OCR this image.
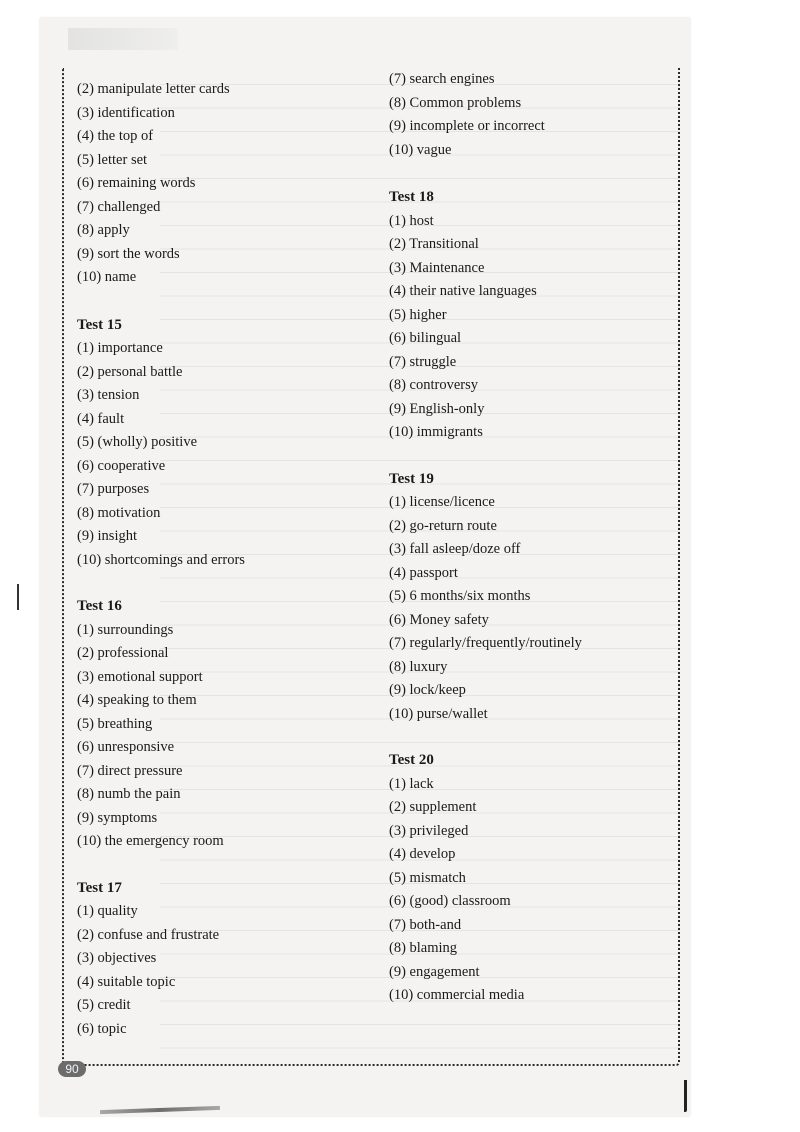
(2) manipulate letter cards
(3) identification
(4) the top of
(5) letter set
(6) remaining words
(7) challenged
(8) apply
(9) sort the words
(10) name
Test 15
(1) importance
(2) personal battle
(3) tension
(4) fault
(5) (wholly) positive
(6) cooperative
(7) purposes
(8) motivation
(9) insight
(10) shortcomings and errors
Test 16
(1) surroundings
(2) professional
(3) emotional support
(4) speaking to them
(5) breathing
(6) unresponsive
(7) direct pressure
(8) numb the pain
(9) symptoms
(10) the emergency room
Test 17
(1) quality
(2) confuse and frustrate
(3) objectives
(4) suitable topic
(5) credit
(6) topic
(7) search engines
(8) Common problems
(9) incomplete or incorrect
(10) vague
Test 18
(1) host
(2) Transitional
(3) Maintenance
(4) their native languages
(5) higher
(6) bilingual
(7) struggle
(8) controversy
(9) English-only
(10) immigrants
Test 19
(1) license/licence
(2) go-return route
(3) fall asleep/doze off
(4) passport
(5) 6 months/six months
(6) Money safety
(7) regularly/frequently/routinely
(8) luxury
(9) lock/keep
(10) purse/wallet
Test 20
(1) lack
(2) supplement
(3) privileged
(4) develop
(5) mismatch
(6) (good) classroom
(7) both-and
(8) blaming
(9) engagement
(10) commercial media
90
